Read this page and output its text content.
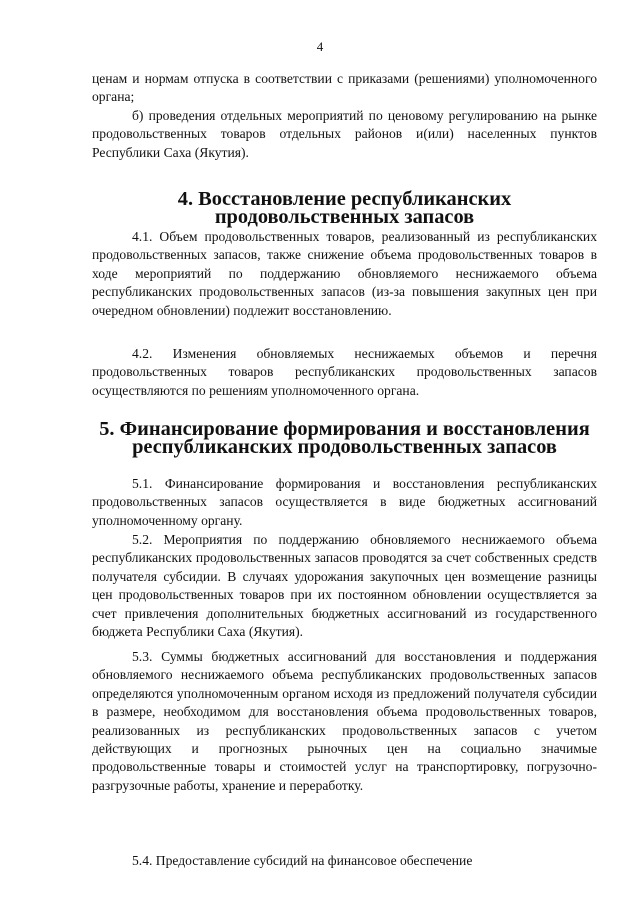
4

ценам и нормам отпуска в соответствии с приказами (решениями) уполномоченного органа;

б) проведения отдельных мероприятий по ценовому регулированию на рынке продовольственных товаров отдельных районов и(или) населенных пунктов Республики Саха (Якутия).

4. Восстановление республиканских продовольственных запасов

4.1. Объем продовольственных товаров, реализованный из республиканских продовольственных запасов, также снижение объема продовольственных товаров в ходе мероприятий по поддержанию обновляемого неснижаемого объема республиканских продовольственных запасов (из-за повышения закупных цен при очередном обновлении) подлежит восстановлению.

4.2. Изменения обновляемых неснижаемых объемов и перечня продовольственных товаров республиканских продовольственных запасов осуществляются по решениям уполномоченного органа.

5. Финансирование формирования и восстановления
республиканских продовольственных запасов

5.1. Финансирование формирования и восстановления республиканских продовольственных запасов осуществляется в виде бюджетных ассигнований уполномоченному органу.

5.2. Мероприятия по поддержанию обновляемого неснижаемого объема республиканских продовольственных запасов проводятся за счет собственных средств получателя субсидии. В случаях удорожания закупочных цен возмещение разницы цен продовольственных товаров при их постоянном обновлении осуществляется за счет привлечения дополнительных бюджетных ассигнований из государственного бюджета Республики Саха (Якутия).

5.3. Суммы бюджетных ассигнований для восстановления и поддержания обновляемого неснижаемого объема республиканских продовольственных запасов определяются уполномоченным органом исходя из предложений получателя субсидии в размере, необходимом для восстановления объема продовольственных товаров, реализованных из республиканских продовольственных запасов с учетом действующих и прогнозных рыночных цен на социально значимые продовольственные товары и стоимостей услуг на транспортировку, погрузочно-разгрузочные работы, хранение и переработку.

5.4. Предоставление субсидий на финансовое обеспечение
